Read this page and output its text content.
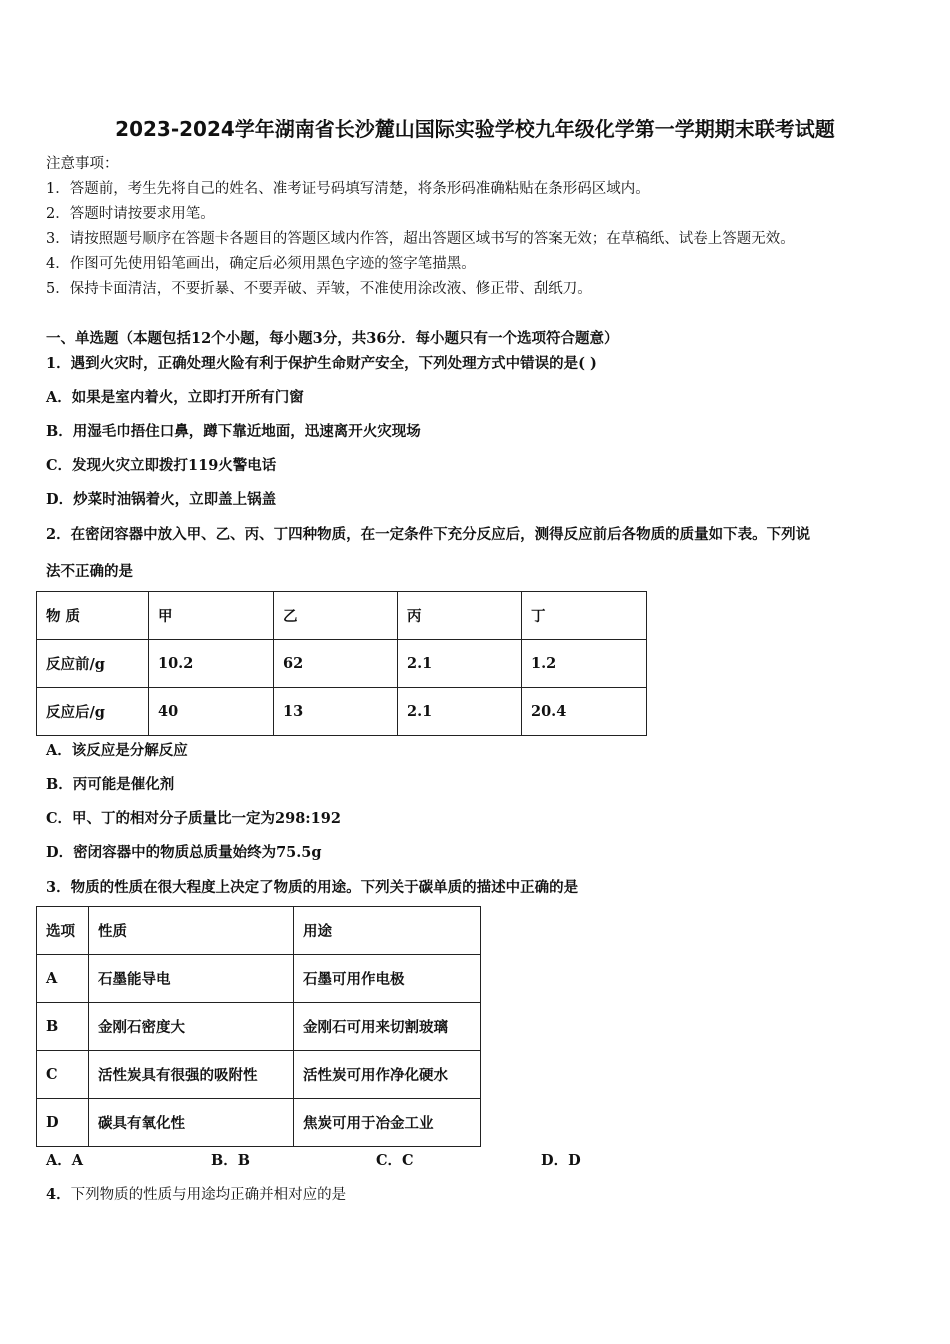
2023-2024学年湖南省长沙麓山国际实验学校九年级化学第一学期期末联考试题
注意事项：
1．答题前，考生先将自己的姓名、准考证号码填写清楚，将条形码准确粘贴在条形码区域内。
2．答题时请按要求用笔。
3．请按照题号顺序在答题卡各题目的答题区域内作答，超出答题区域书写的答案无效；在草稿纸、试卷上答题无效。
4．作图可先使用铅笔画出，确定后必须用黑色字迹的签字笔描黑。
5．保持卡面清洁，不要折暴、不要弄破、弄皱，不准使用涂改液、修正带、刮纸刀。
一、单选题（本题包括12个小题，每小题3分，共36分．每小题只有一个选项符合题意）
1．遇到火灾时，正确处理火险有利于保护生命财产安全，下列处理方式中错误的是( )
A．如果是室内着火，立即打开所有门窗
B．用湿毛巾捂住口鼻，蹲下靠近地面，迅速离开火灾现场
C．发现火灾立即拨打119火警电话
D．炒菜时油锅着火，立即盖上锅盖
2．在密闭容器中放入甲、乙、丙、丁四种物质，在一定条件下充分反应后，测得反应前后各物质的质量如下表。下列说
法不正确的是
物 质	甲	乙	丙	丁
反应前/g	10.2	62	2.1	1.2
反应后/g	40	13	2.1	20.4
A．该反应是分解反应
B．丙可能是催化剂
C．甲、丁的相对分子质量比一定为298:192
D．密闭容器中的物质总质量始终为75.5g
3．物质的性质在很大程度上决定了物质的用途。下列关于碳单质的描述中正确的是
选项	性质	用途
A	石墨能导电	石墨可用作电极
B	金刚石密度大	金刚石可用来切割玻璃
C	活性炭具有很强的吸附性	活性炭可用作净化硬水
D	碳具有氧化性	焦炭可用于冶金工业
A．A	B．B	C．C	D．D
4．下列物质的性质与用途均正确并相对应的是
